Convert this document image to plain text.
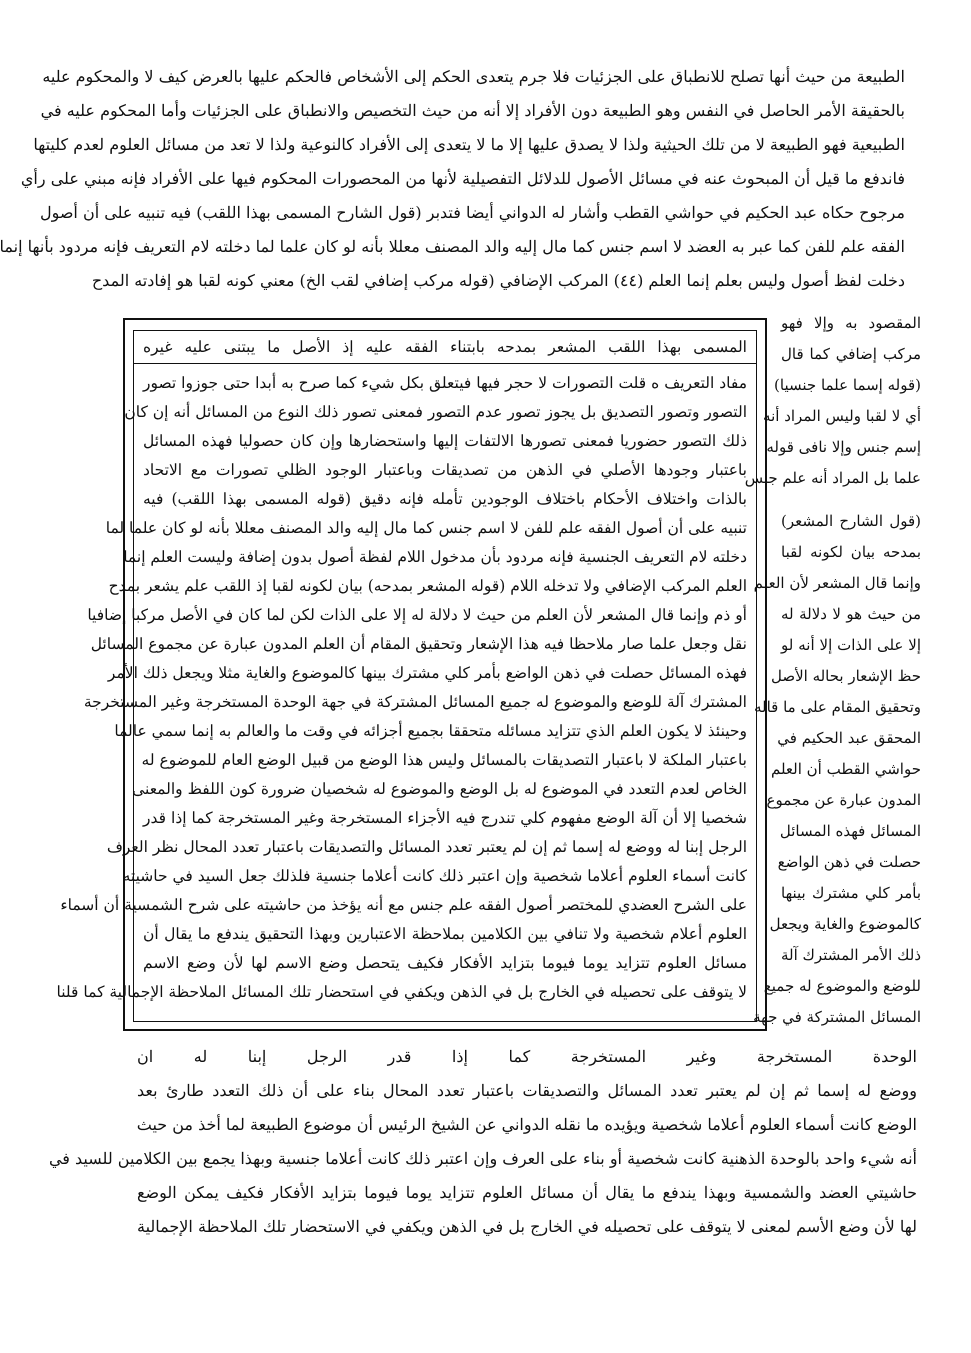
الطبيعة من حيث أنها تصلح للانطباق على الجزئيات فلا جرم يتعدى الحكم إلى الأشخاص فالحكم عليها بالعرض كيف لا والمحكوم عليه
بالحقيقة الأمر الحاصل في النفس وهو الطبيعة دون الأفراد إلا أنه من حيث التخصيص والانطباق على الجزئيات وأما المحكوم عليه في
الطبيعية فهو الطبيعة لا من تلك الحيثية ولذا لا يصدق عليها إلا ما لا يتعدى إلى الأفراد كالنوعية ولذا لا تعد من مسائل العلوم لعدم كليتها
فاندفع ما قيل أن المبحوث عنه في مسائل الأصول للدلائل التفصيلية لأنها من المحصورات المحكوم فيها على الأفراد فإنه مبني على رأي
مرجوح حكاه عبد الحكيم في حواشي القطب وأشار له الدواني أيضا فتدبر (قول الشارح المسمى بهذا اللقب) فيه تنبيه على أن أصول
الفقه علم للفن كما عبر به العضد لا اسم جنس كما مال إليه والد المصنف معللا بأنه لو كان علما لما دخلته لام التعريف فإنه مردود بأنها إنما
دخلت لفظ أصول وليس بعلم إنما العلم (٤٤) المركب الإضافي (قوله مركب إضافي لقب الخ) معني كونه لقبا هو إفادته المدح
المسمى بهذا اللقب المشعر بمدحه بابتناء الفقه عليه إذ الأصل ما يبتنى عليه غيره
مفاد التعريف ه قلت التصورات لا حجر فيها فيتعلق بكل شيء كما صرح به أبدا حتى جوزوا تصور
التصور وتصور التصديق بل يجوز تصور عدم التصور فمعنى تصور ذلك النوع من المسائل أنه إن كان
ذلك التصور حضوريا فمعنى تصورها الالتفات إليها واستحضارها وإن كان حصوليا فهذه المسائل
باعتبار وجودها الأصلي في الذهن من تصديقات وباعتبار الوجود الظلي تصورات مع الاتحاد
بالذات واختلاف الأحكام باختلاف الوجودين تأمله فإنه دقيق (قوله المسمى بهذا اللقب) فيه
تنبيه على أن أصول الفقه علم للفن لا اسم جنس كما مال إليه والد المصنف معللا بأنه لو كان علما لما
دخلته لام التعريف الجنسية فإنه مردود بأن مدخول اللام لفظة أصول بدون إضافة وليست العلم إنما
العلم المركب الإضافي ولا تدخله اللام (قوله المشعر بمدحه) بيان لكونه لقبا إذ اللقب علم يشعر بمدح
أو ذم وإنما قال المشعر لأن العلم من حيث لا دلالة له إلا على الذات لكن لما كان في الأصل مركبا إضافيا
نقل وجعل علما صار ملاحظا فيه هذا الإشعار وتحقيق المقام أن العلم المدون عبارة عن مجموع المسائل
فهذه المسائل حصلت في ذهن الواضع بأمر كلي مشترك بينها كالموضوع والغاية مثلا ويجعل ذلك الأمر
المشترك آلة للوضع والموضوع له جميع المسائل المشتركة في جهة الوحدة المستخرجة وغير المستخرجة
وحينئذ لا يكون العلم الذي تتزايد مسائله متحققا بجميع أجزائه في وقت ما والعالم به إنما سمي عالما
باعتبار الملكة لا باعتبار التصديقات بالمسائل وليس هذا الوضع من قبيل الوضع العام للموضوع له
الخاص لعدم التعدد في الموضوع له بل الوضع والموضوع له شخصيان ضرورة كون اللفظ والمعنى
شخصيا إلا أن آلة الوضع مفهوم كلي تندرج فيه الأجزاء المستخرجة وغير المستخرجة كما إذا قدر
الرجل إبنا له ووضع له إسما ثم إن لم يعتبر تعدد المسائل والتصديقات باعتبار تعدد المحال نظر العرف
كانت أسماء العلوم أعلاما شخصية وإن اعتبر ذلك كانت أعلاما جنسية فلذلك جعل السيد في حاشيته
على الشرح العضدي للمختصر أصول الفقه علم جنس مع أنه يؤخذ من حاشيته على شرح الشمسية أن أسماء
العلوم أعلام شخصية ولا تنافي بين الكلامين بملاحظة الاعتبارين وبهذا التحقيق يندفع ما يقال أن
مسائل العلوم تتزايد يوما فيوما بتزايد الأفكار فكيف يتحصل وضع الاسم لها لأن وضع الاسم
لا يتوقف على تحصيله في الخارج بل في الذهن ويكفي في استحضار تلك المسائل الملاحظة الإجمالية كما قلنا
المقصود به وإلا فهو
مركب إضافي كما قال
(قوله إسما علما جنسيا)
أي لا لقبا وليس المراد أنه
إسم جنس وإلا نافى قوله
علما بل المراد أنه علم جنس
(قول الشارح المشعر)
بمدحه بيان لكونه لقبا
وإنما قال المشعر لأن العلم
من حيث هو لا دلالة له
إلا على الذات إلا أنه لو
حظ الإشعار بحاله الأصل
وتحقيق المقام على ما قاله
المحقق عبد الحكيم في
حواشي القطب أن العلم
المدون عبارة عن مجموع
المسائل فهذه المسائل
حصلت في ذهن الواضع
بأمر كلي مشترك بينها
كالموضوع والغاية ويجعل
ذلك الأمر المشترك آلة
للوضع والموضوع له جميع
المسائل المشتركة في جهة
الوحدة المستخرجة وغير المستخرجة كما إذا قدر الرجل إبنا له ان
ووضع له إسما ثم إن لم يعتبر تعدد المسائل والتصديقات باعتبار تعدد المحال بناء على أن ذلك التعدد طارئ بعد
الوضع كانت أسماء العلوم أعلاما شخصية ويؤيده ما نقله الدواني عن الشيخ الرئيس أن موضوع الطبيعة لما أخذ من حيث
أنه شيء واحد بالوحدة الذهنية كانت شخصية أو بناء على العرف وإن اعتبر ذلك كانت أعلاما جنسية وبهذا يجمع بين الكلامين للسيد في
حاشيتي العضد والشمسية وبهذا يندفع ما يقال أن مسائل العلوم تتزايد يوما فيوما بتزايد الأفكار فكيف يمكن الوضع
لها لأن وضع الأسم لمعنى لا يتوقف على تحصيله في الخارج بل في الذهن ويكفي في الاستحضار تلك الملاحظة الإجمالية
